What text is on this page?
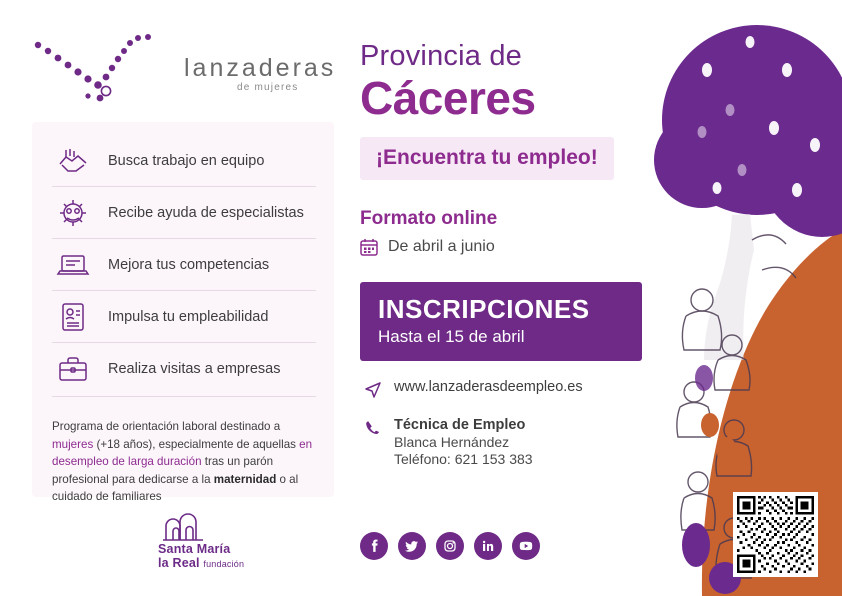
lanzaderas
de mujeres
Busca trabajo en equipo
Recibe ayuda de especialistas
Mejora tus competencias
Impulsa tu empleabilidad
Realiza visitas a empresas
Programa de orientación laboral destinado a mujeres (+18 años), especialmente de aquellas en desempleo de larga duración tras un parón profesional para dedicarse a la maternidad o al cuidado de familiares
Santa María
la Real fundación
Provincia de
Cáceres
¡Encuentra tu empleo!
Formato online
De abril a junio
INSCRIPCIONES
Hasta el 15 de abril
www.lanzaderasdeempleo.es
Técnica de Empleo
Blanca Hernández
Teléfono: 621 153 383
